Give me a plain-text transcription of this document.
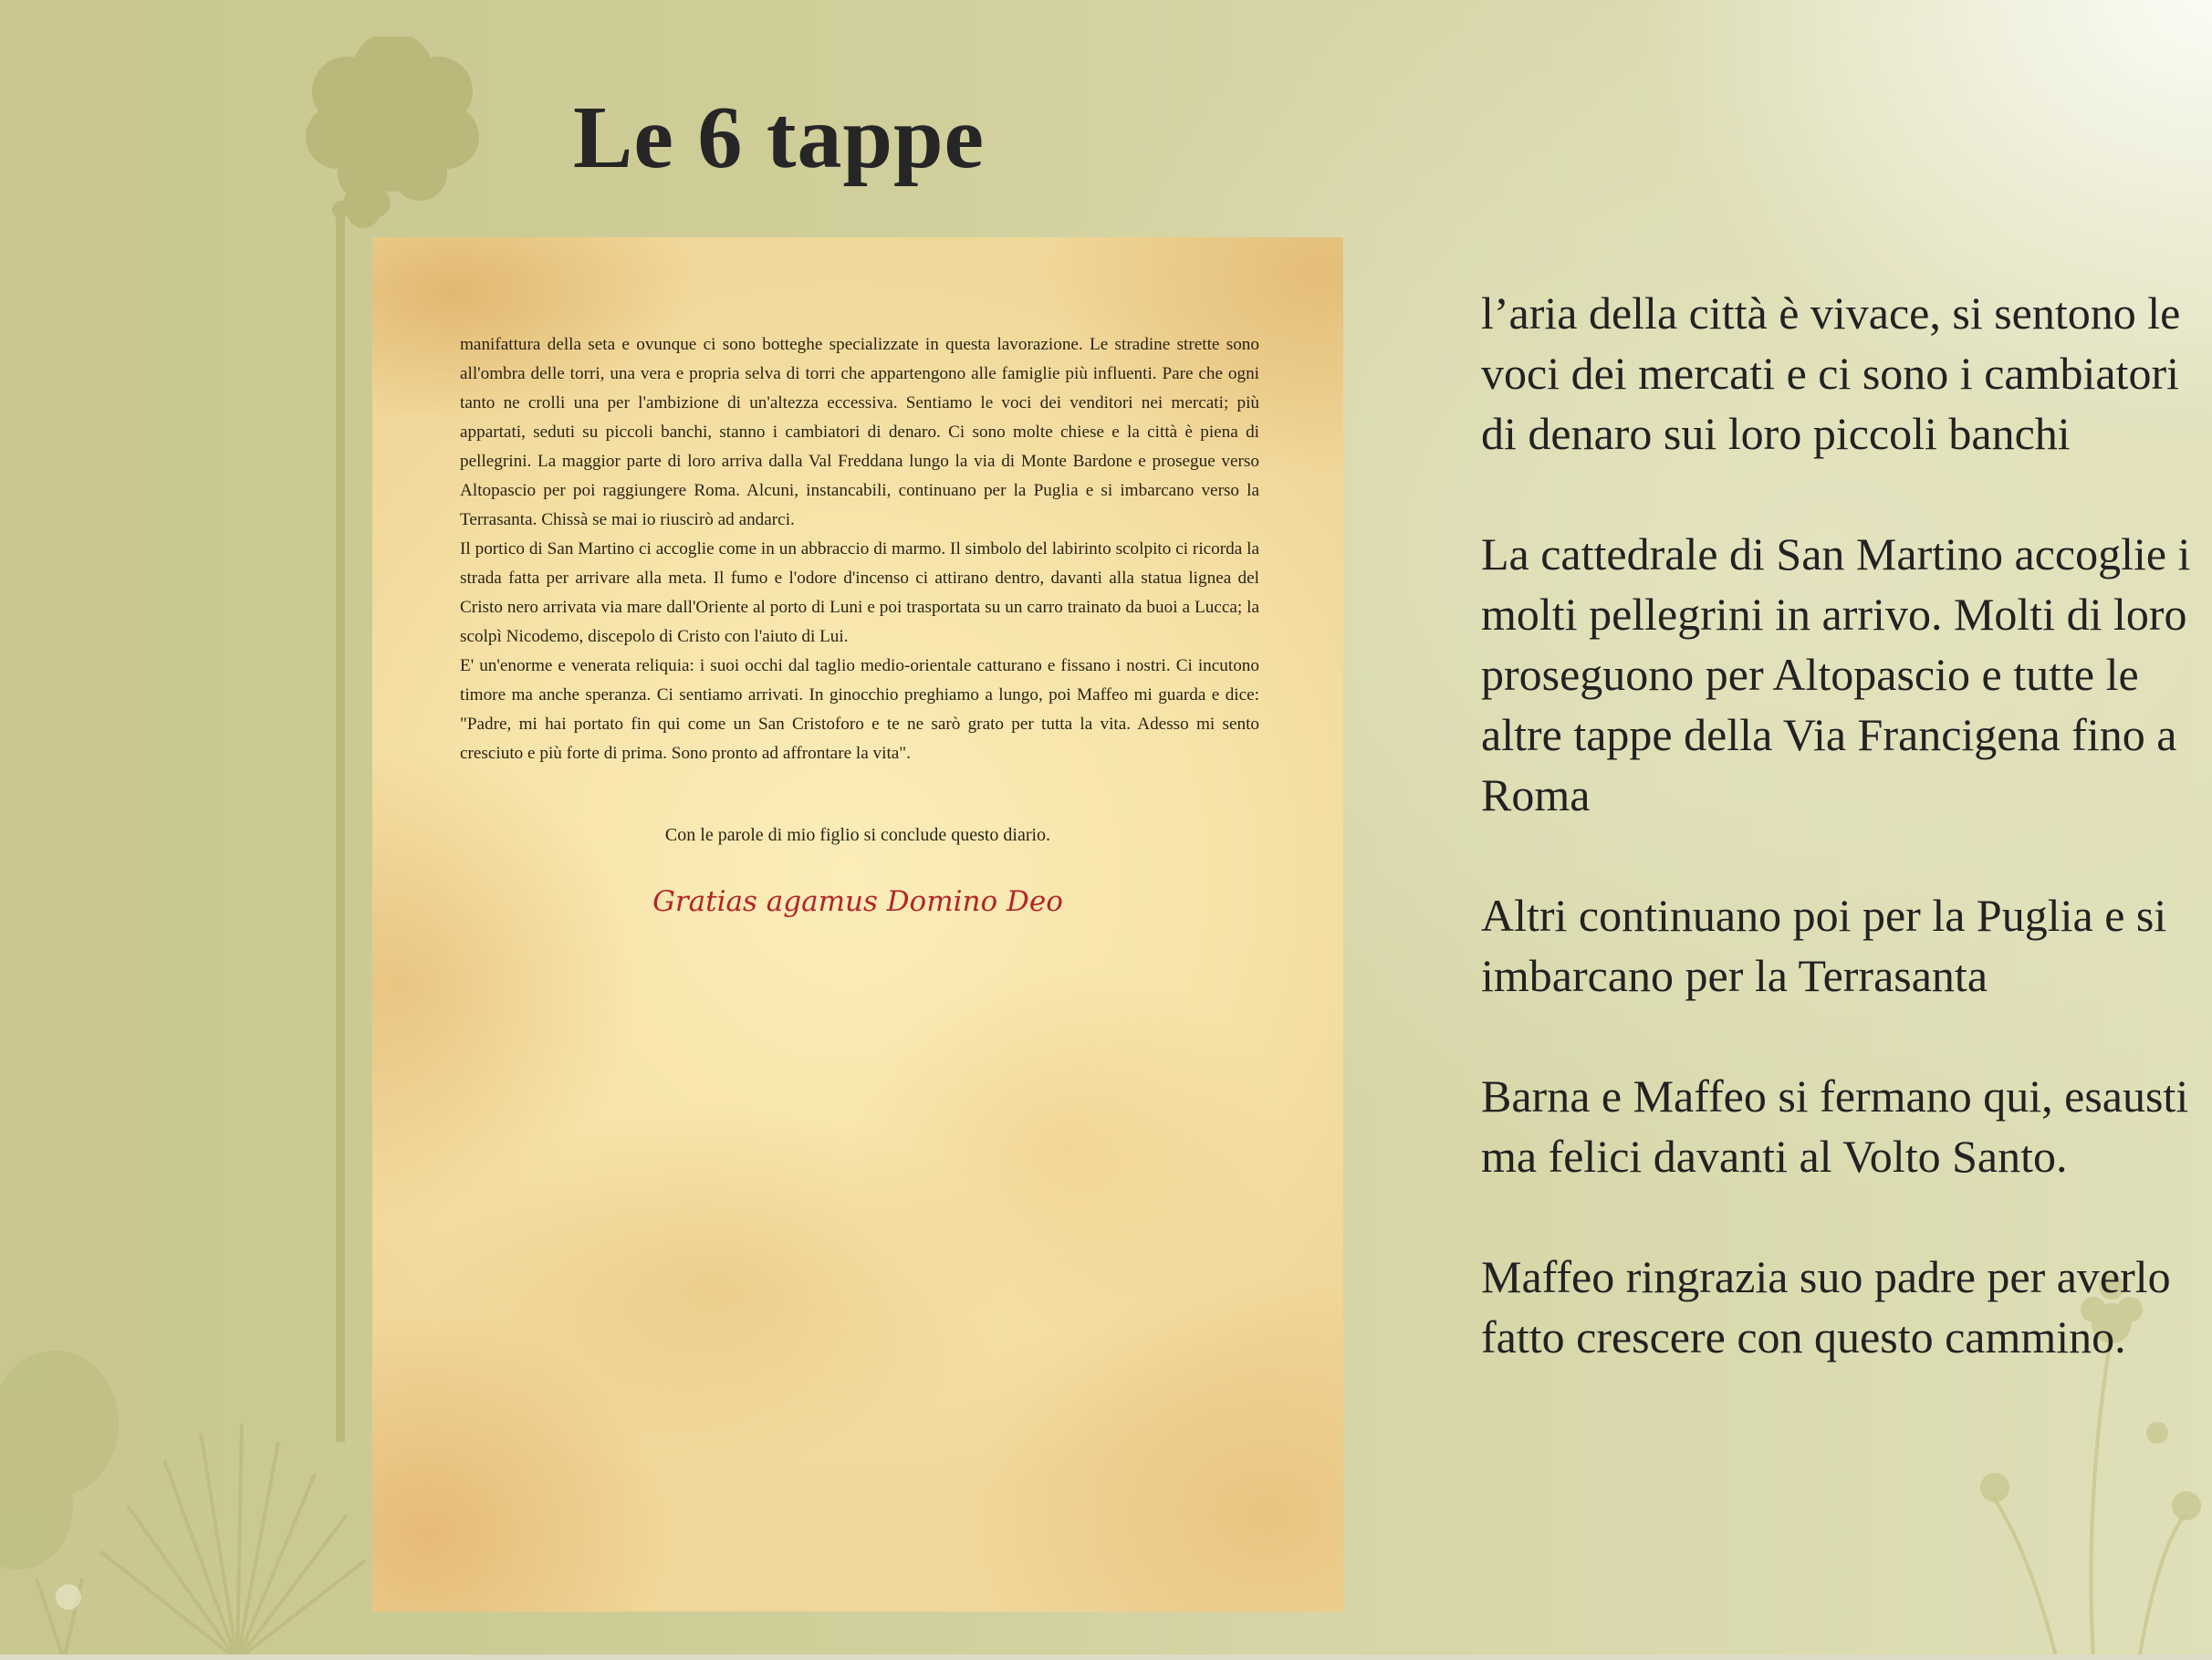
Le 6 tappe

manifattura della seta e ovunque ci sono botteghe specializzate in questa lavorazione. Le stradine strette sono all'ombra delle torri, una vera e propria selva di torri che appartengono alle famiglie più influenti. Pare che ogni tanto ne crolli una per l'ambizione di un'altezza eccessiva. Sentiamo le voci dei venditori nei mercati; più appartati, seduti su piccoli banchi, stanno i cambiatori di denaro. Ci sono molte chiese e la città è piena di pellegrini. La maggior parte di loro arriva dalla Val Freddana lungo la via di Monte Bardone e prosegue verso Altopascio per poi raggiungere Roma. Alcuni, instancabili, continuano per la Puglia e si imbarcano verso la Terrasanta. Chissà se mai io riuscirò ad andarci.

Il portico di San Martino ci accoglie come in un abbraccio di marmo. Il simbolo del labirinto scolpito ci ricorda la strada fatta per arrivare alla meta. Il fumo e l'odore d'incenso ci attirano dentro, davanti alla statua lignea del Cristo nero arrivata via mare dall'Oriente al porto di Luni e poi trasportata su un carro trainato da buoi a Lucca; la scolpì Nicodemo, discepolo di Cristo con l'aiuto di Lui.

E' un'enorme e venerata reliquia: i suoi occhi dal taglio medio-orientale catturano e fissano i nostri. Ci incutono timore ma anche speranza. Ci sentiamo arrivati. In ginocchio preghiamo a lungo, poi Maffeo mi guarda e dice: "Padre, mi hai portato fin qui come un San Cristoforo e te ne sarò grato per tutta la vita. Adesso mi sento cresciuto e più forte di prima. Sono pronto ad affrontare la vita".

Con le parole di mio figlio si conclude questo diario.

Gratias agamus Domino Deo

l’aria della città è vivace, si sentono le voci dei mercati e ci sono i cambiatori di denaro sui loro piccoli banchi

La cattedrale di San Martino accoglie i molti pellegrini in arrivo. Molti di loro proseguono per Altopascio e tutte le altre tappe della Via Francigena fino a Roma

Altri continuano poi per la Puglia e si imbarcano per la Terrasanta

Barna e Maffeo si fermano qui, esausti ma felici davanti al Volto Santo.

Maffeo ringrazia suo padre per averlo fatto crescere con questo cammino.
